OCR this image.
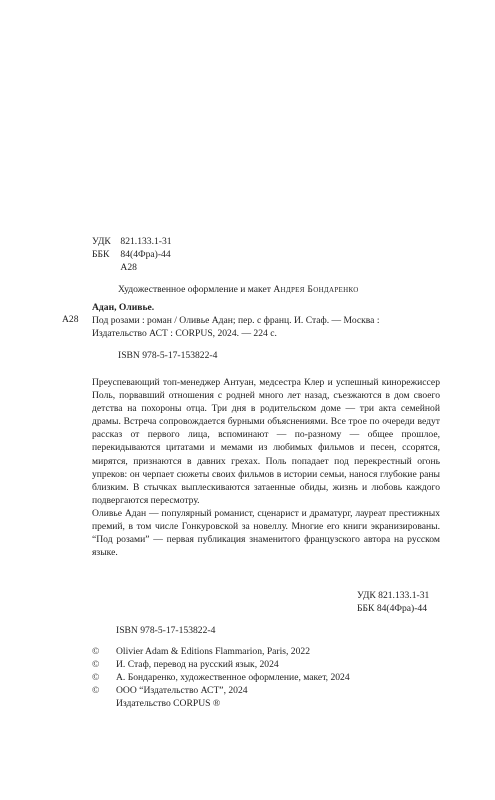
УДК 821.133.1-31
ББК 84(4Фра)-44
А28
Художественное оформление и макет Андрея Бондаренко
А28
Адан, Оливье.
Под розами : роман / Оливье Адан; пер. с франц. И. Стаф. — Москва :
Издательство АСТ : CORPUS, 2024. — 224 с.
ISBN 978-5-17-153822-4

Преуспевающий топ-менеджер Антуан, медсестра Клер и успешный кинорежиссер Поль, порвавший отношения с родней много лет назад, съезжаются в дом своего детства на похороны отца. Три дня в родительском доме — три акта семейной драмы. Встреча сопровождается бурными объяснениями. Все трое по очереди ведут рассказ от первого лица, вспоминают — по-разному — общее прошлое, перекидываются цитатами и мемами из любимых фильмов и песен, ссорятся, мирятся, признаются в давних грехах. Поль попадает под перекрестный огонь упреков: он черпает сюжеты своих фильмов в истории семьи, нанося глубокие раны близким. В стычках выплескиваются затаенные обиды, жизнь и любовь каждого подвергаются пересмотру.

Оливье Адан — популярный романист, сценарист и драматург, лауреат престижных премий, в том числе Гонкуровской за новеллу. Многие его книги экранизированы. “Под розами” — первая публикация знаменитого французского автора на русском языке.

УДК 821.133.1-31
ББК 84(4Фра)-44
ISBN 978-5-17-153822-4
© Olivier Adam & Editions Flammarion, Paris, 2022
© И. Стаф, перевод на русский язык, 2024
© А. Бондаренко, художественное оформление, макет, 2024
© ООО “Издательство АСТ”, 2024
Издательство CORPUS ®
